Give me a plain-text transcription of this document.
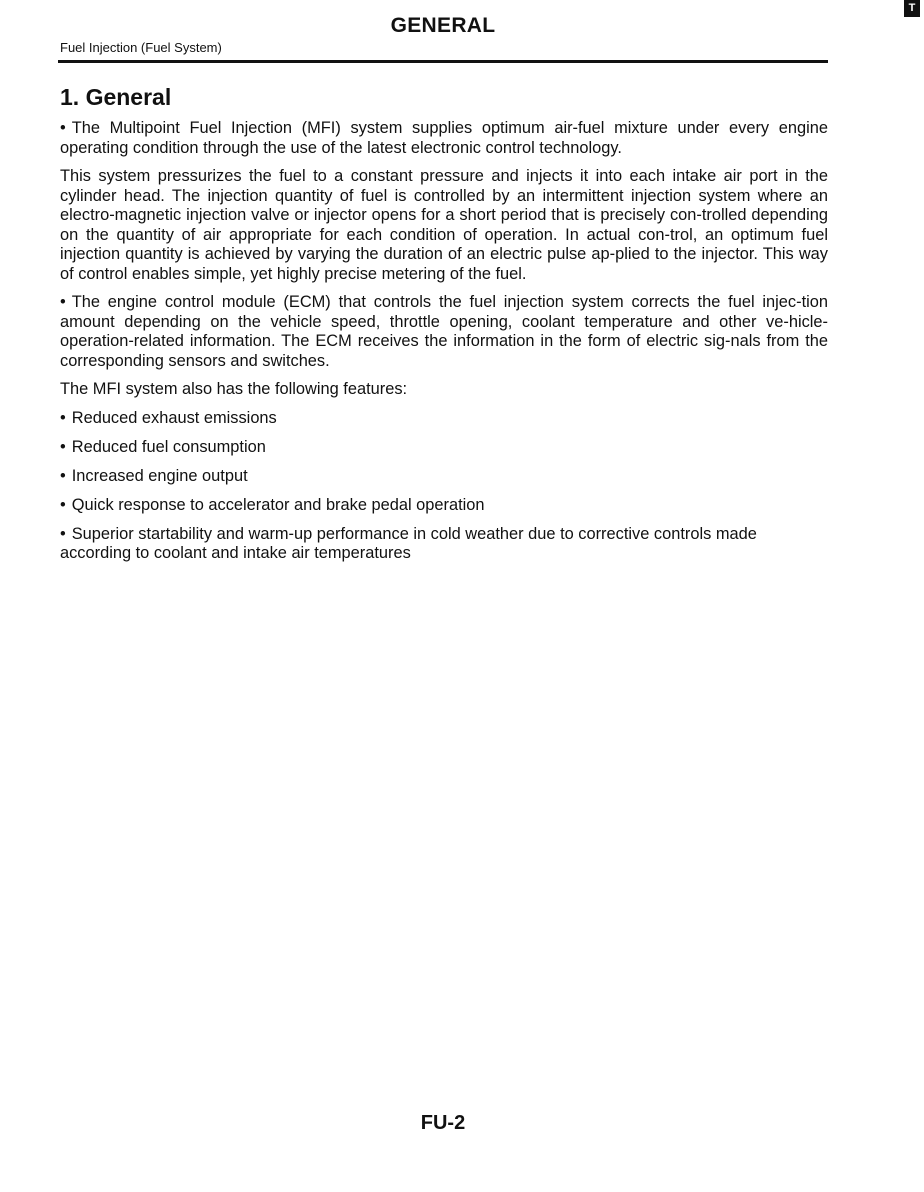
T
GENERAL
Fuel Injection (Fuel System)
1. General

• The Multipoint Fuel Injection (MFI) system supplies optimum air-fuel mixture under every engine operating condition through the use of the latest electronic control technology.

This system pressurizes the fuel to a constant pressure and injects it into each intake air port in the cylinder head. The injection quantity of fuel is controlled by an intermittent injection system where an electro-magnetic injection valve or injector opens for a short period that is precisely con-trolled depending on the quantity of air appropriate for each condition of operation. In actual con-trol, an optimum fuel injection quantity is achieved by varying the duration of an electric pulse ap-plied to the injector. This way of control enables simple, yet highly precise metering of the fuel.

• The engine control module (ECM) that controls the fuel injection system corrects the fuel injec-tion amount depending on the vehicle speed, throttle opening, coolant temperature and other ve-hicle-operation-related information. The ECM receives the information in the form of electric sig-nals from the corresponding sensors and switches.

The MFI system also has the following features:

• Reduced exhaust emissions
• Reduced fuel consumption
• Increased engine output
• Quick response to accelerator and brake pedal operation
• Superior startability and warm-up performance in cold weather due to corrective controls made according to coolant and intake air temperatures
FU-2
